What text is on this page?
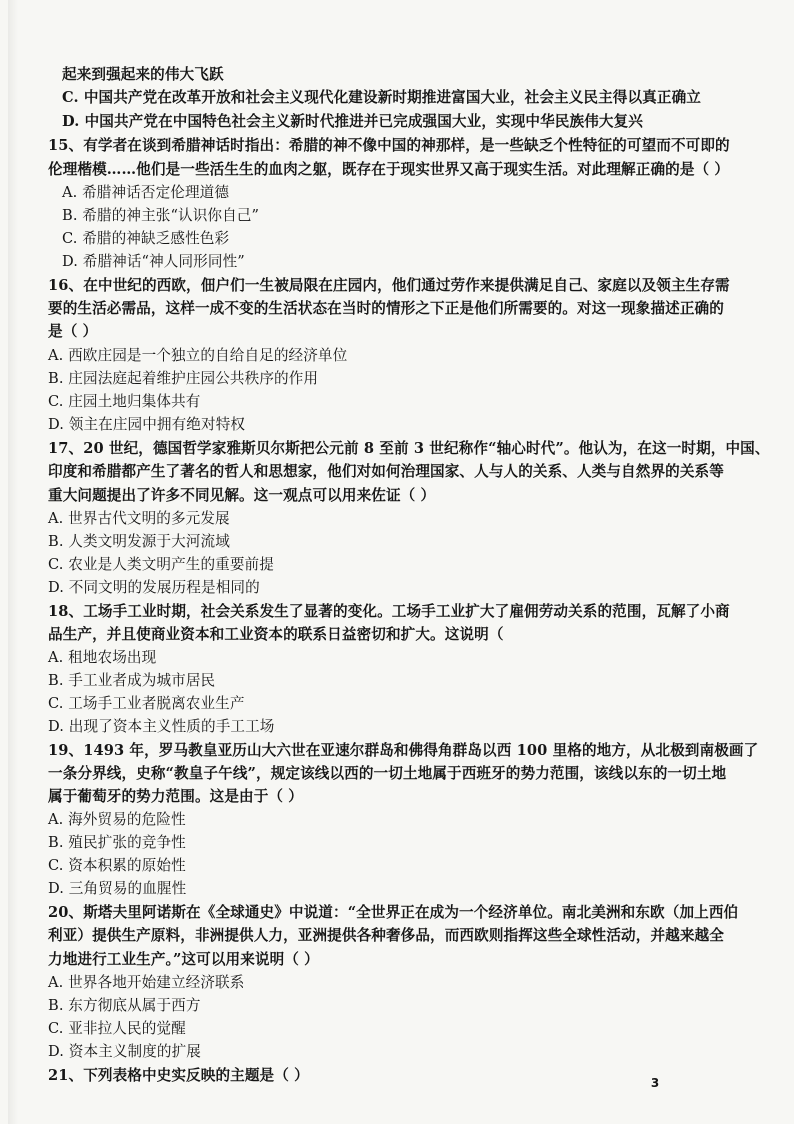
起来到强起来的伟大飞跃
C. 中国共产党在改革开放和社会主义现代化建设新时期推进富国大业，社会主义民主得以真正确立
D. 中国共产党在中国特色社会主义新时代推进并已完成强国大业，实现中华民族伟大复兴
15、有学者在谈到希腊神话时指出：希腊的神不像中国的神那样，是一些缺乏个性特征的可望而不可即的
伦理楷模……他们是一些活生生的血肉之躯，既存在于现实世界又高于现实生活。对此理解正确的是（ ）
A. 希腊神话否定伦理道德
B. 希腊的神主张“认识你自己”
C. 希腊的神缺乏感性色彩
D. 希腊神话“神人同形同性”
16、在中世纪的西欧，佃户们一生被局限在庄园内，他们通过劳作来提供满足自己、家庭以及领主生存需
要的生活必需品，这样一成不变的生活状态在当时的情形之下正是他们所需要的。对这一现象描述正确的
是（ ）
A. 西欧庄园是一个独立的自给自足的经济单位
B. 庄园法庭起着维护庄园公共秩序的作用
C. 庄园土地归集体共有
D. 领主在庄园中拥有绝对特权
17、20 世纪，德国哲学家雅斯贝尔斯把公元前 8 至前 3 世纪称作“轴心时代”。他认为，在这一时期，中国、
印度和希腊都产生了著名的哲人和思想家，他们对如何治理国家、人与人的关系、人类与自然界的关系等
重大问题提出了许多不同见解。这一观点可以用来佐证（ ）
A. 世界古代文明的多元发展
B. 人类文明发源于大河流域
C. 农业是人类文明产生的重要前提
D. 不同文明的发展历程是相同的
18、工场手工业时期，社会关系发生了显著的变化。工场手工业扩大了雇佣劳动关系的范围，瓦解了小商
品生产，并且使商业资本和工业资本的联系日益密切和扩大。这说明（
A. 租地农场出现
B. 手工业者成为城市居民
C. 工场手工业者脱离农业生产
D. 出现了资本主义性质的手工工场
19、1493 年，罗马教皇亚历山大六世在亚速尔群岛和佛得角群岛以西 100 里格的地方，从北极到南极画了
一条分界线，史称“教皇子午线”，规定该线以西的一切土地属于西班牙的势力范围，该线以东的一切土地
属于葡萄牙的势力范围。这是由于（ ）
A. 海外贸易的危险性
B. 殖民扩张的竞争性
C. 资本积累的原始性
D. 三角贸易的血腥性
20、斯塔夫里阿诺斯在《全球通史》中说道：“全世界正在成为一个经济单位。南北美洲和东欧（加上西伯
利亚）提供生产原料，非洲提供人力，亚洲提供各种奢侈品，而西欧则指挥这些全球性活动，并越来越全
力地进行工业生产。”这可以用来说明（ ）
A. 世界各地开始建立经济联系
B. 东方彻底从属于西方
C. 亚非拉人民的觉醒
D. 资本主义制度的扩展
21、下列表格中史实反映的主题是（ ）	3
